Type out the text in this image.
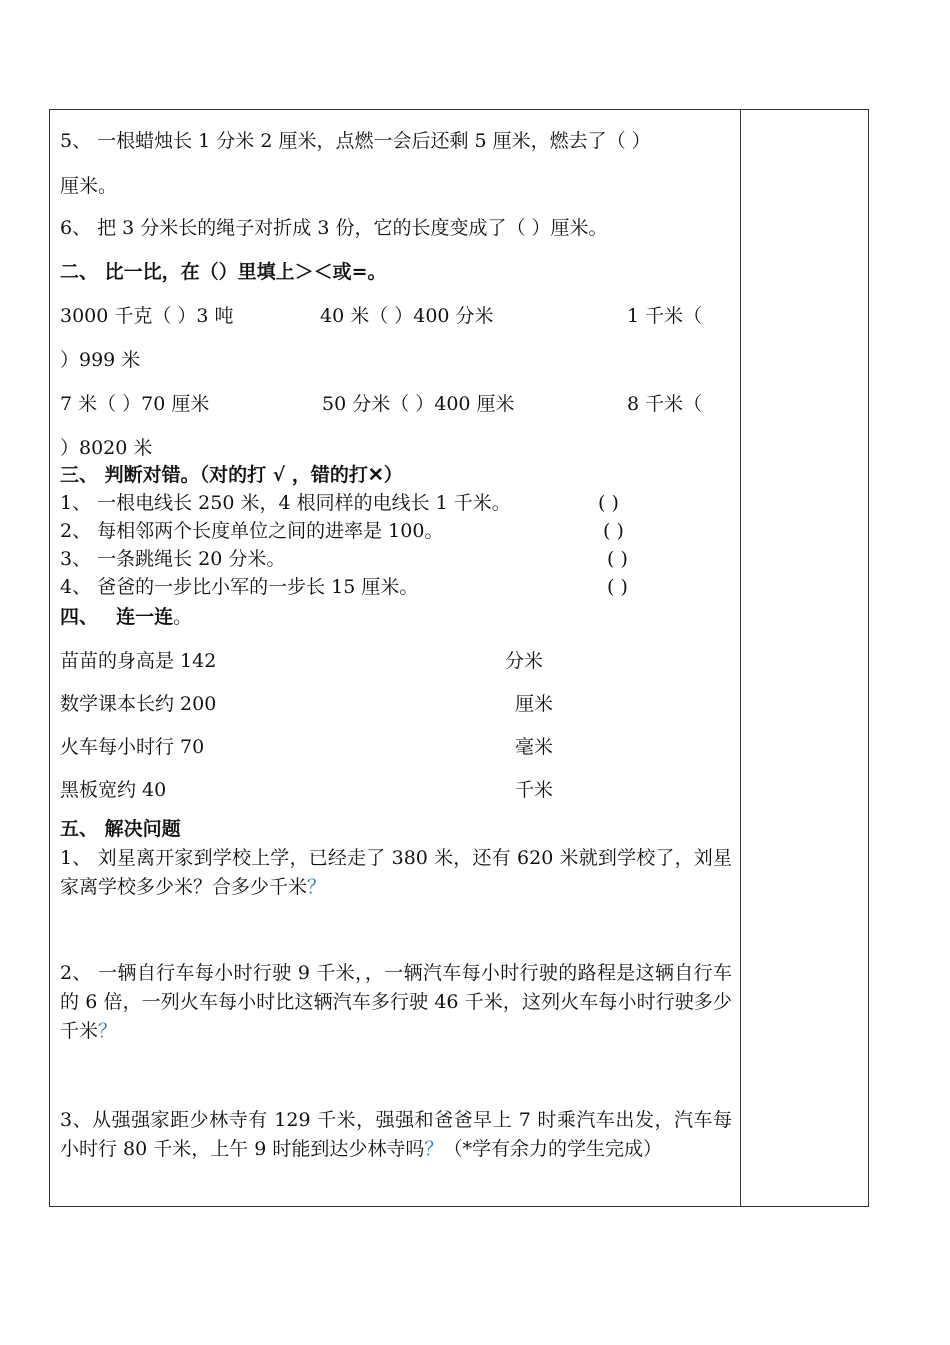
5、 一根蜡烛长 1 分米 2 厘米，点燃一会后还剩 5 厘米，燃去了（ ）
厘米。
6、 把 3 分米长的绳子对折成 3 份，它的长度变成了（ ）厘米。
二、 比一比，在（）里填上＞＜或=。
3000 千克（ ）3 吨	40 米（ ）400 分米	1 千米（
）999 米
7 米（ ）70 厘米	50 分米（ ）400 厘米	8 千米（
）8020 米
三、 判断对错。（对的打 √ ，错的打✕）
1、 一根电线长 250 米，4 根同样的电线长 1 千米。	( )
2、 每相邻两个长度单位之间的进率是 100。	( )
3、 一条跳绳长 20 分米。	( )
4、 爸爸的一步比小军的一步长 15 厘米。	( )
四、 连一连。
苗苗的身高是 142	分米
数学课本长约 200	厘米
火车每小时行 70	毫米
黑板宽约 40	千米
五、 解决问题
1、 刘星离开家到学校上学，已经走了 380 米，还有 620 米就到学校了，刘星家离学校多少米？合多少千米？
2、 一辆自行车每小时行驶 9 千米，，一辆汽车每小时行驶的路程是这辆自行车的 6 倍，一列火车每小时比这辆汽车多行驶 46 千米，这列火车每小时行驶多少千米？
3、从强强家距少林寺有 129 千米，强强和爸爸早上 7 时乘汽车出发，汽车每小时行 80 千米，上午 9 时能到达少林寺吗？（*学有余力的学生完成）
